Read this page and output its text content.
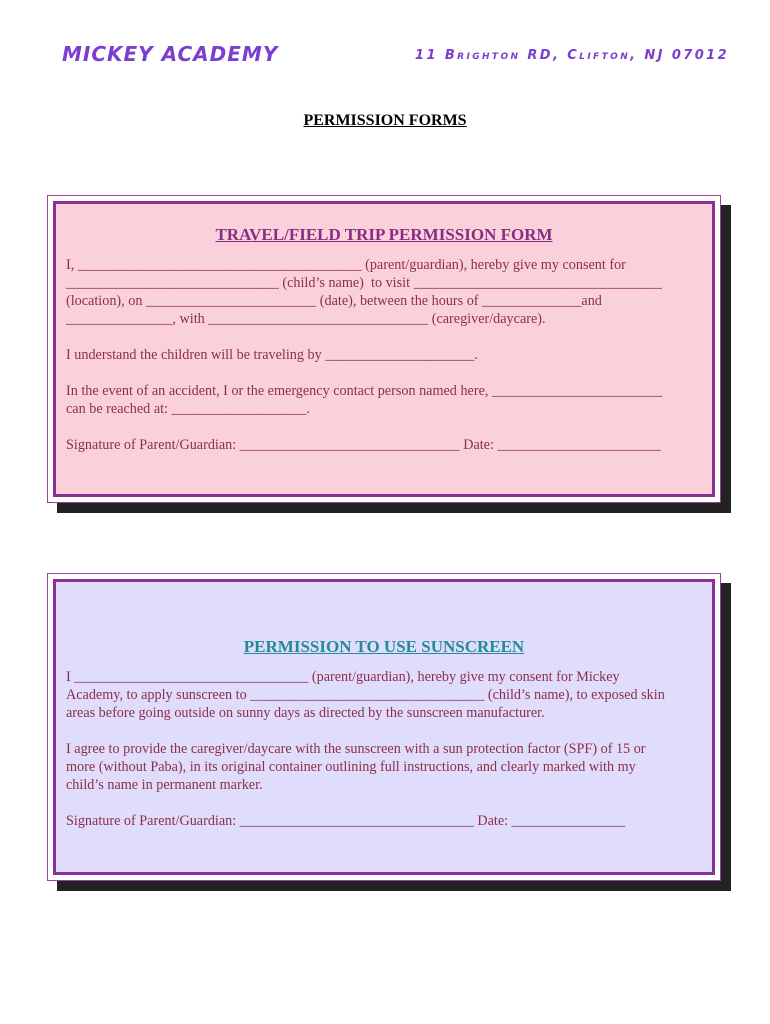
MICKEY ACADEMY	11 Brighton RD, Clifton, NJ 07012
PERMISSION FORMS
TRAVEL/FIELD TRIP PERMISSION FORM

I, ________________________________________ (parent/guardian), hereby give my consent for

______________________________ (child’s name)  to visit ___________________________________

(location), on ________________________ (date), between the hours of ______________and

_______________, with _______________________________ (caregiver/daycare).

I understand the children will be traveling by _____________________.

In the event of an accident, I or the emergency contact person named here, ________________________

can be reached at: ___________________.

Signature of Parent/Guardian: _______________________________ Date: _______________________

PERMISSION TO USE SUNSCREEN

I _________________________________ (parent/guardian), hereby give my consent for Mickey

Academy, to apply sunscreen to _________________________________ (child’s name), to exposed skin

areas before going outside on sunny days as directed by the sunscreen manufacturer.

I agree to provide the caregiver/daycare with the sunscreen with a sun protection factor (SPF) of 15 or

more (without Paba), in its original container outlining full instructions, and clearly marked with my

child’s name in permanent marker.

Signature of Parent/Guardian: _________________________________ Date: ________________
